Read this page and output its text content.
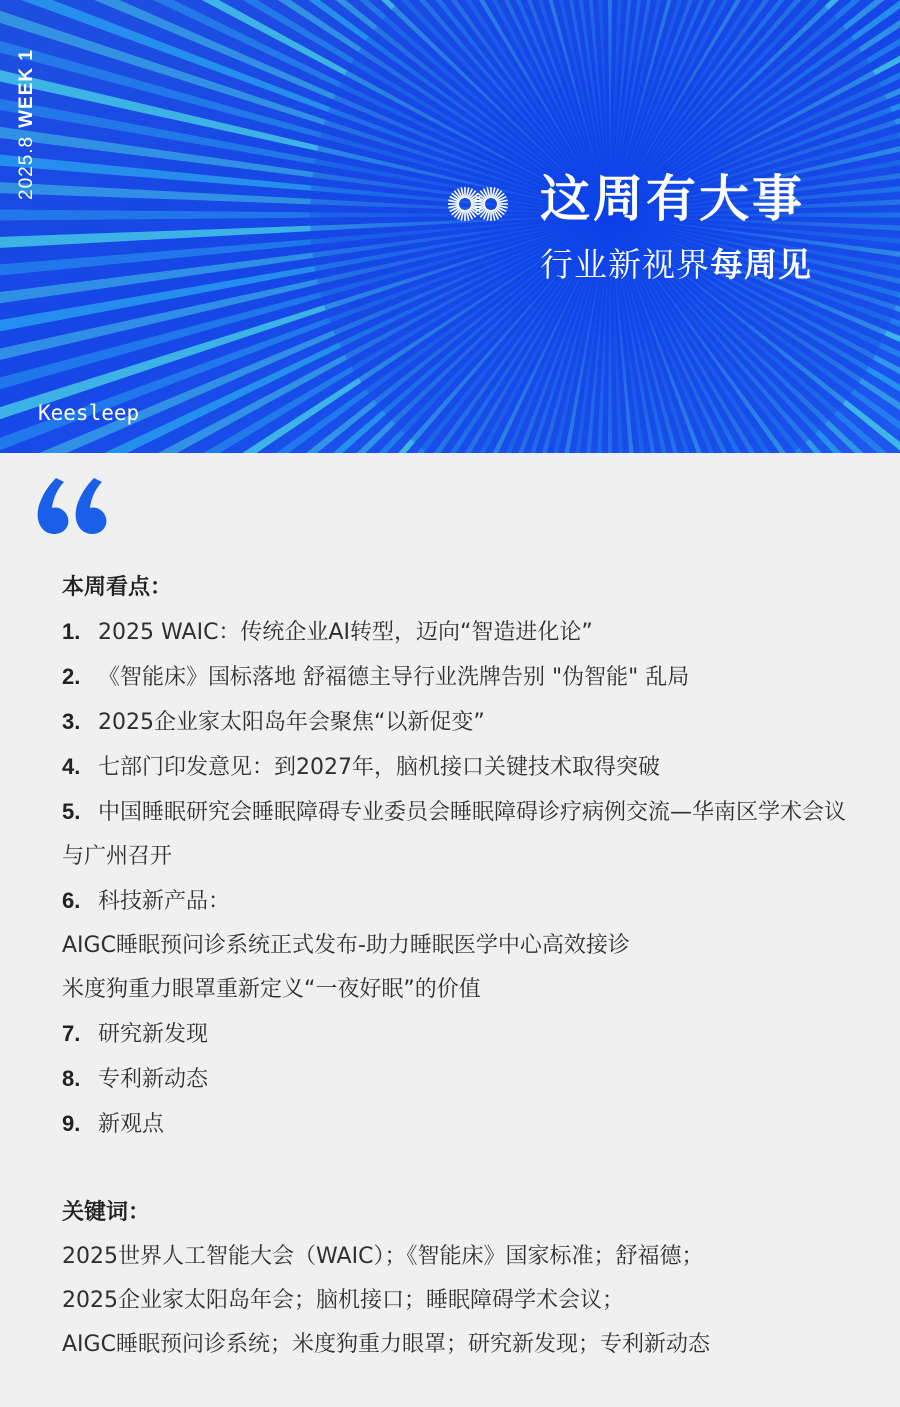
2025.8WEEK 1
这周有大事
行业新视界每周见
Keesleep

本周看点：

1. 2025 WAIC：传统企业AI转型，迈向“智造进化论”

2. 《智能床》国标落地 舒福德主导行业洗牌告别 "伪智能" 乱局

3. 2025企业家太阳岛年会聚焦“以新促变”

4. 七部门印发意见：到2027年，脑机接口关键技术取得突破

5. 中国睡眠研究会睡眠障碍专业委员会睡眠障碍诊疗病例交流—华南区学术会议与广州召开

6. 科技新产品：

AIGC睡眠预问诊系统正式发布-助力睡眠医学中心高效接诊

米度狗重力眼罩重新定义“一夜好眠”的价值

7. 研究新发现

8. 专利新动态

9. 新观点

关键词：

2025世界人工智能大会（WAIC）；《智能床》国家标准；舒福德；

2025企业家太阳岛年会；脑机接口；睡眠障碍学术会议；

AIGC睡眠预问诊系统；米度狗重力眼罩；研究新发现；专利新动态
